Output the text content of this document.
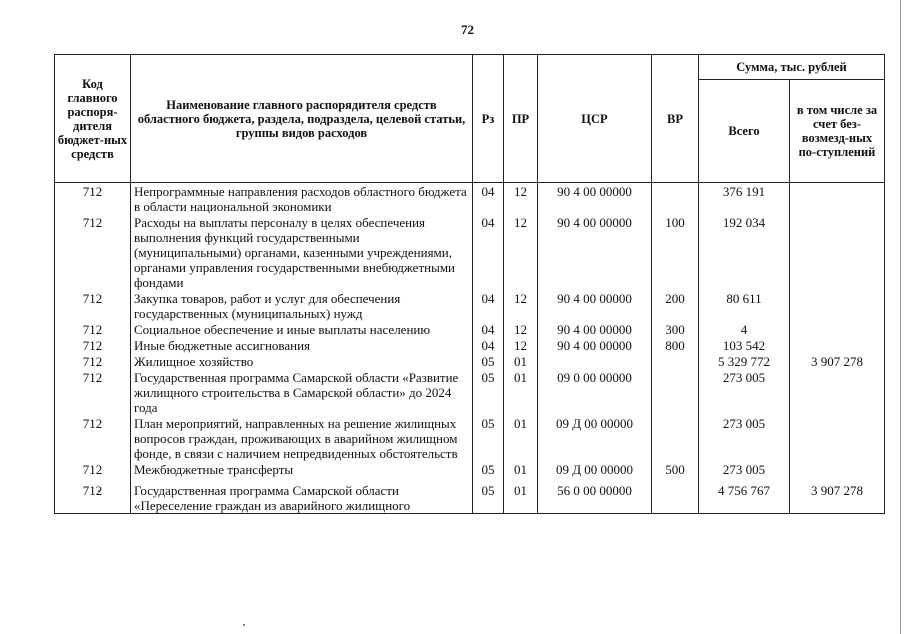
72
Код главного распоря-дителя бюджет-ных средств	Наименование главного распорядителя средств областного бюджета, раздела, подраздела, целевой статьи, группы видов расходов	Рз	ПР	ЦСР	ВР	Сумма, тыс. рублей	
						Всего	в том числе за счет без-возмезд-ных по-ступлений
712	Непрограммные направления расходов областного бюджета в области национальной экономики	04	12	90 4 00 00000		376 191	
712	Расходы на выплаты персоналу в целях обеспечения выполнения функций государственными (муниципальными) органами, казенными учреждениями, органами управления государственными внебюджетными фондами	04	12	90 4 00 00000	100	192 034	
712	Закупка товаров, работ и услуг для обеспечения государственных (муниципальных) нужд	04	12	90 4 00 00000	200	80 611	
712	Социальное обеспечение и иные выплаты населению	04	12	90 4 00 00000	300	4	
712	Иные бюджетные ассигнования	04	12	90 4 00 00000	800	103 542	
712	Жилищное хозяйство	05	01			5 329 772	3 907 278
712	Государственная программа Самарской области «Развитие жилищного строительства в Самарской области» до 2024 года	05	01	09 0 00 00000		273 005	
712	План мероприятий, направленных на решение жилищных вопросов граждан, проживающих в аварийном жилищном фонде, в связи с наличием непредвиденных обстоятельств	05	01	09 Д 00 00000		273 005	
712	Межбюджетные трансферты	05	01	09 Д 00 00000	500	273 005	
712	Государственная программа Самарской области «Переселение граждан из аварийного жилищного	05	01	56 0 00 00000		4 756 767	3 907 278
